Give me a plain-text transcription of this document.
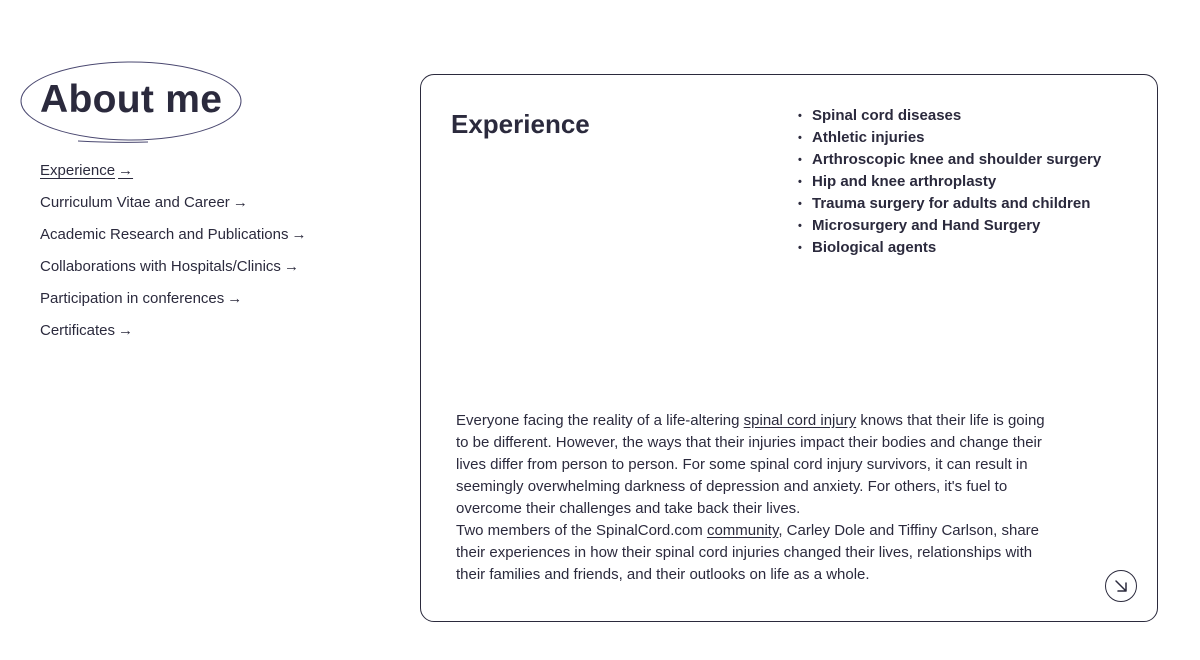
About me
Experience →
Curriculum Vitae and Career →
Academic Research and Publications →
Collaborations with Hospitals/Clinics →
Participation in conferences →
Certificates →
Experience
•	Spinal cord diseases
• Athletic injuries
• Arthroscopic knee and shoulder surgery
• Hip and knee arthroplasty
• Trauma surgery for adults and children
• Microsurgery and Hand Surgery
• Biological agents

Everyone facing the reality of a life-altering spinal cord injury knows that their life is going to be different. However, the ways that their injuries impact their bodies and change their lives differ from person to person. For some spinal cord injury survivors, it can result in seemingly overwhelming darkness of depression and anxiety. For others, it's fuel to overcome their challenges and take back their lives.

Two members of the SpinalCord.com community, Carley Dole and Tiffiny Carlson, share their experiences in how their spinal cord injuries changed their lives, relationships with their families and friends, and their outlooks on life as a whole.
